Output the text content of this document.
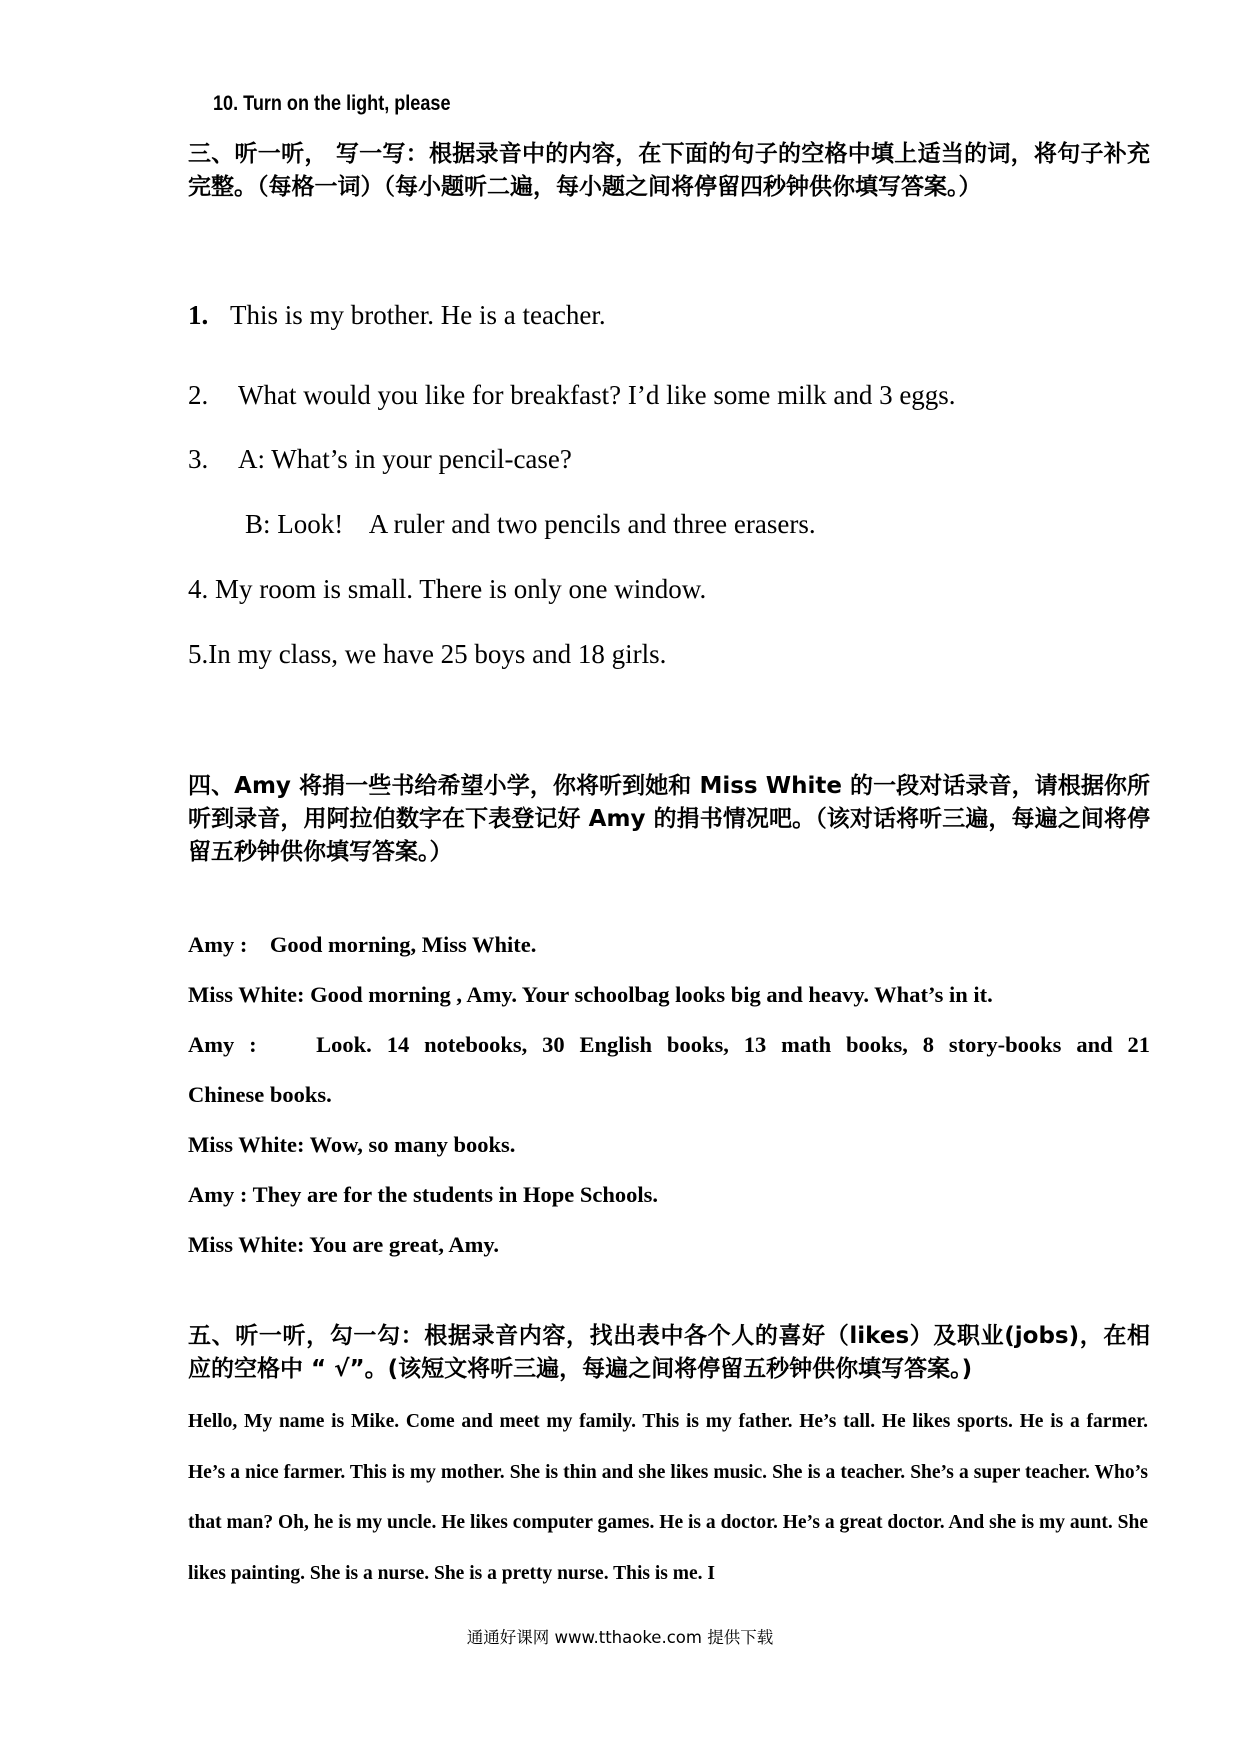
10. Turn on the light, please
三、听一听， 写一写：根据录音中的内容，在下面的句子的空格中填上适当的词，将句子补充完整。（每格一词）（每小题听二遍，每小题之间将停留四秒钟供你填写答案。）
1. This is my brother. He is a teacher.
2. What would you like for breakfast? I’d like some milk and 3 eggs.
3. A: What’s in your pencil-case?
B: Look!    A ruler and two pencils and three erasers.
4. My room is small. There is only one window.
5.In my class, we have 25 boys and 18 girls.
四、Amy 将捐一些书给希望小学，你将听到她和 Miss White 的一段对话录音，请根据你所听到录音，用阿拉伯数字在下表登记好 Amy 的捐书情况吧。（该对话将听三遍，每遍之间将停留五秒钟供你填写答案。）
Amy :    Good morning, Miss White.
Miss White: Good morning , Amy. Your schoolbag looks big and heavy. What’s in it.
Amy :    Look. 14 notebooks, 30 English books, 13 math books, 8 story-books and 21
Chinese books.
Miss White: Wow, so many books.
Amy : They are for the students in Hope Schools.
Miss White: You are great, Amy.
五、听一听，勾一勾：根据录音内容，找出表中各个人的喜好（likes）及职业(jobs)，在相应的空格中 “ √”。(该短文将听三遍，每遍之间将停留五秒钟供你填写答案。)
Hello, My name is Mike. Come and meet my family. This is my father. He’s tall. He likes sports. He is a farmer. He’s a nice farmer. This is my mother. She is thin and she likes music. She is a teacher. She’s a super teacher. Who’s that man? Oh, he is my uncle. He likes computer games. He is a doctor. He’s a great doctor. And she is my aunt. She likes painting. She is a nurse. She is a pretty nurse. This is me. I
通通好课网 www.tthaoke.com 提供下载
